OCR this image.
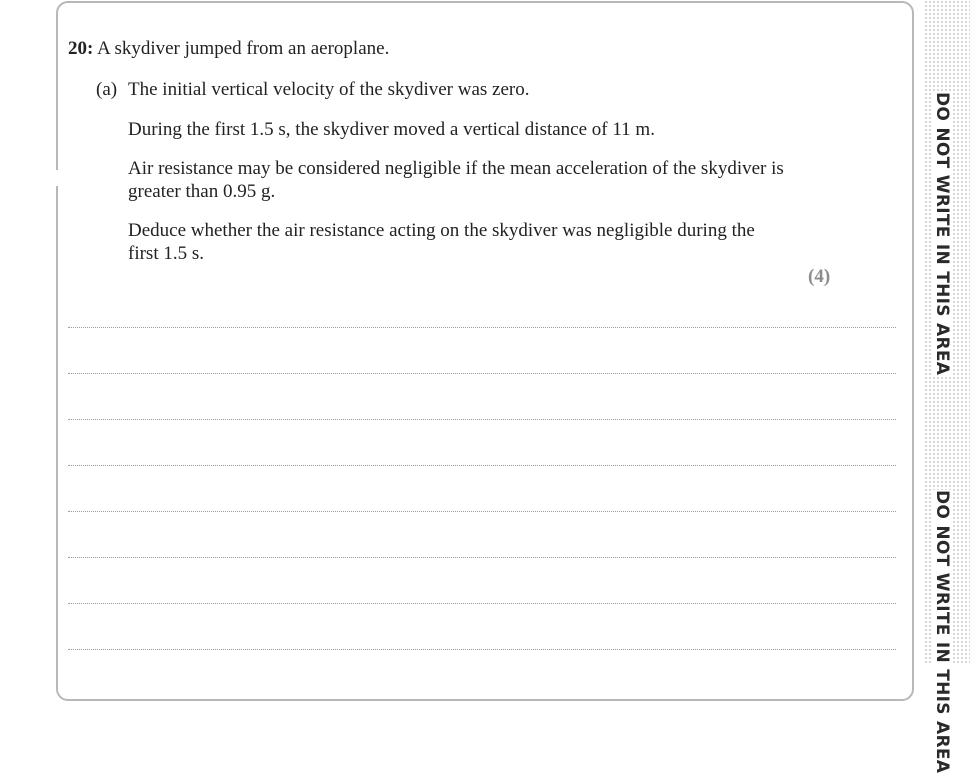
20: A skydiver jumped from an aeroplane.
(a) The initial vertical velocity of the skydiver was zero.
During the first 1.5 s, the skydiver moved a vertical distance of 11 m.
Air resistance may be considered negligible if the mean acceleration of the skydiver is greater than 0.95 g.
Deduce whether the air resistance acting on the skydiver was negligible during the first 1.5 s.
(4)	DO NOT WRITE IN THIS AREA
DO NOT WRITE IN THIS AREA
